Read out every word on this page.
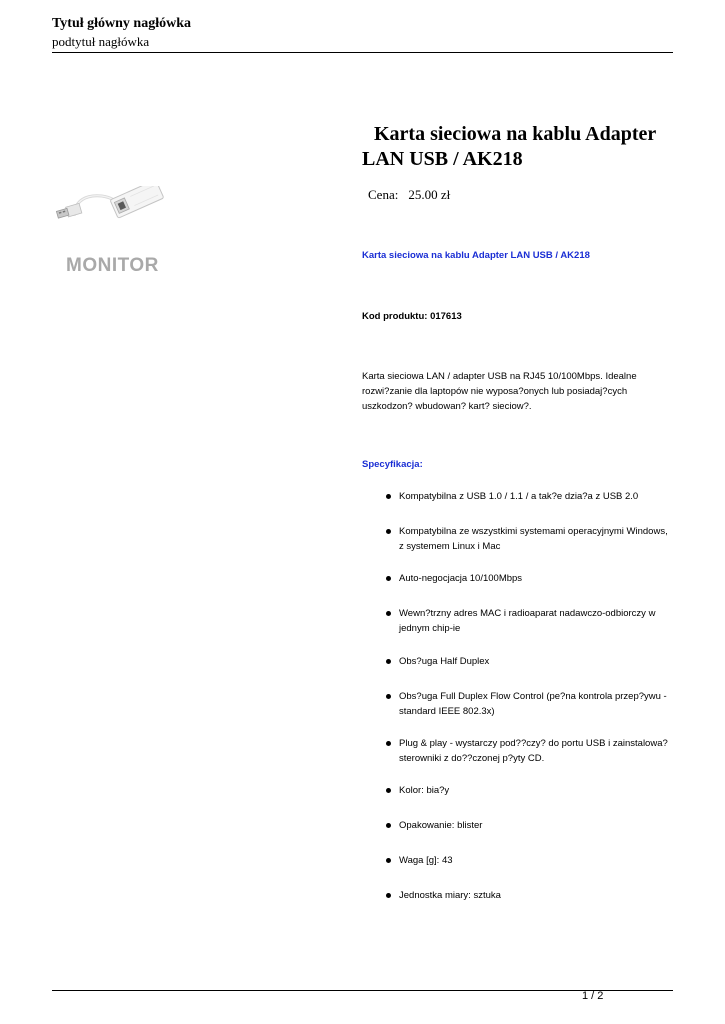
Tytuł główny nagłówka
podtytuł nagłówka
MONITOR
Karta sieciowa na kablu Adapter LAN USB / AK218
Cena: 25.00 zł
Karta sieciowa na kablu Adapter LAN USB / AK218
Kod produktu: 017613
Karta sieciowa LAN / adapter USB na RJ45 10/100Mbps. Idealne rozwi?zanie dla laptopów nie wyposa?onych lub posiadaj?cych uszkodzon? wbudowan? kart? sieciow?.
Specyfikacja:
Kompatybilna z USB 1.0 / 1.1 / a tak?e dzia?a z USB 2.0
Kompatybilna ze wszystkimi systemami operacyjnymi Windows, z systemem Linux i Mac
Auto-negocjacja 10/100Mbps
Wewn?trzny adres MAC i radioaparat nadawczo-odbiorczy w jednym chip-ie
Obs?uga Half Duplex
Obs?uga Full Duplex Flow Control (pe?na kontrola przep?ywu - standard IEEE 802.3x)
Plug & play - wystarczy pod??czy? do portu USB i zainstalowa? sterowniki z do??czonej p?yty CD.
Kolor: bia?y
Opakowanie: blister
Waga [g]: 43
Jednostka miary: sztuka
1 / 2
